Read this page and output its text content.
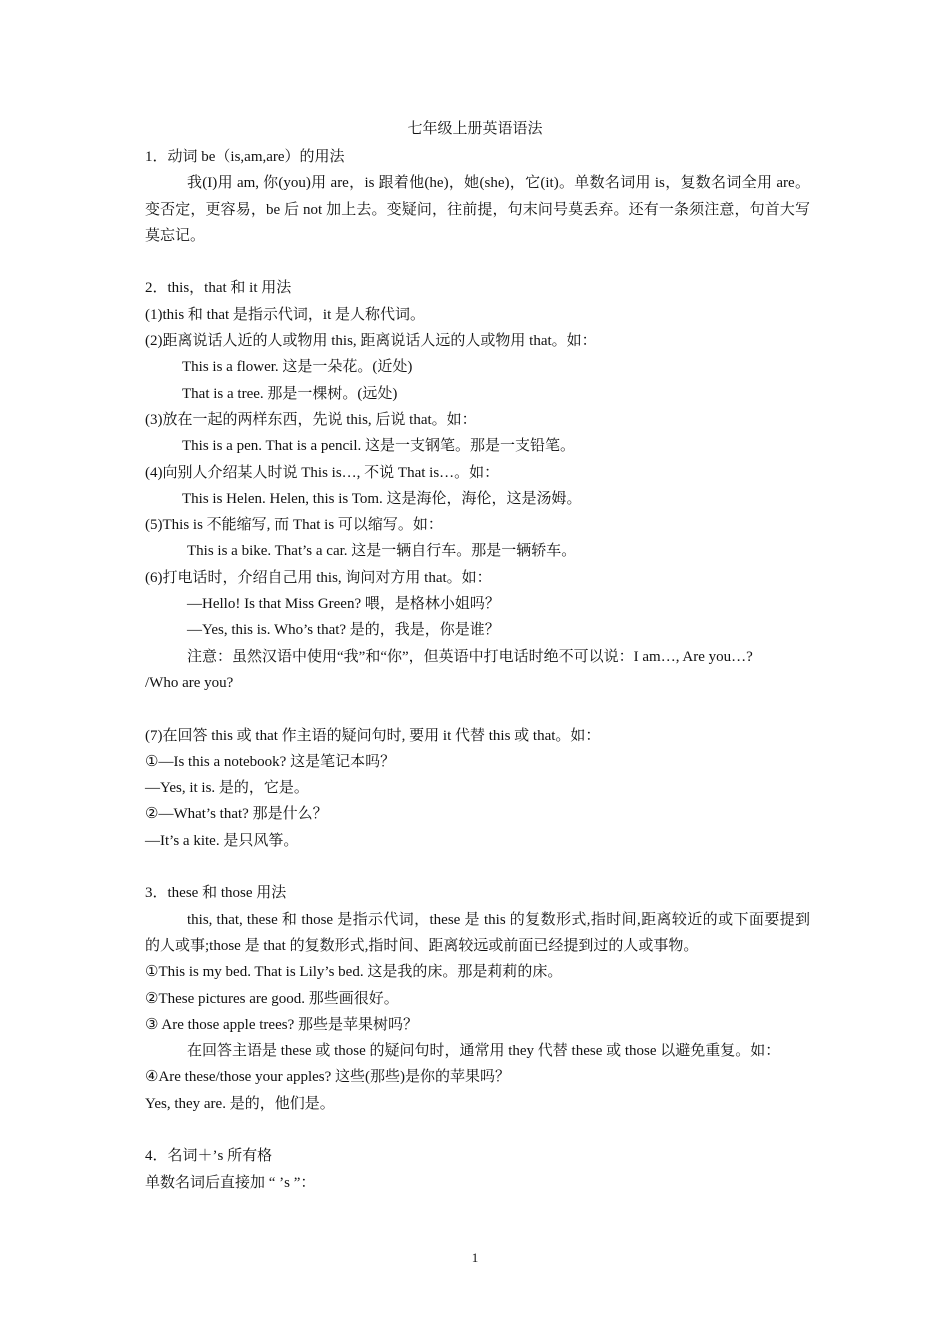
七年级上册英语语法
1．动词 be（is,am,are）的用法
我(I)用 am, 你(you)用 are，is 跟着他(he)，她(she)，它(it)。单数名词用 is，复数名词全用 are。变否定，更容易，be 后 not 加上去。变疑问，往前提，句末问号莫丢弃。还有一条须注意，句首大写莫忘记。
2．this，that 和 it 用法
(1)this 和 that 是指示代词，it 是人称代词。
(2)距离说话人近的人或物用 this, 距离说话人远的人或物用 that。如：
This is a flower. 这是一朵花。(近处)
That is a tree. 那是一棵树。(远处)
(3)放在一起的两样东西，先说 this, 后说 that。如：
This is a pen. That is a pencil. 这是一支钢笔。那是一支铅笔。
(4)向别人介绍某人时说 This is…, 不说 That is…。如：
This is Helen. Helen, this is Tom. 这是海伦，海伦，这是汤姆。
(5)This is 不能缩写, 而 That is 可以缩写。如：
This is a bike. That’s a car. 这是一辆自行车。那是一辆轿车。
(6)打电话时，介绍自己用 this, 询问对方用 that。如：
—Hello! Is that Miss Green? 喂，是格林小姐吗？
—Yes, this is. Who’s that? 是的，我是，你是谁？
注意：虽然汉语中使用“我”和“你”，但英语中打电话时绝不可以说：I am…, Are you…?
/Who are you?
(7)在回答 this 或 that 作主语的疑问句时, 要用 it 代替 this 或 that。如：
①—Is this a notebook? 这是笔记本吗？
—Yes, it is. 是的，它是。
②—What’s that? 那是什么？
—It’s a kite. 是只风筝。
3．these 和 those 用法
this, that, these 和 those 是指示代词，these 是 this 的复数形式,指时间,距离较近的或下面要提到的人或事;those 是 that 的复数形式,指时间、距离较远或前面已经提到过的人或事物。
①This is my bed. That is Lily’s bed. 这是我的床。那是莉莉的床。
②These pictures are good. 那些画很好。
③ Are those apple trees? 那些是苹果树吗？
在回答主语是 these 或 those 的疑问句时，通常用 they 代替 these 或 those 以避免重复。如：
④Are these/those your apples? 这些(那些)是你的苹果吗？
Yes, they are. 是的，他们是。
4．名词＋’s 所有格
单数名词后直接加 “ ’s ”：
1
